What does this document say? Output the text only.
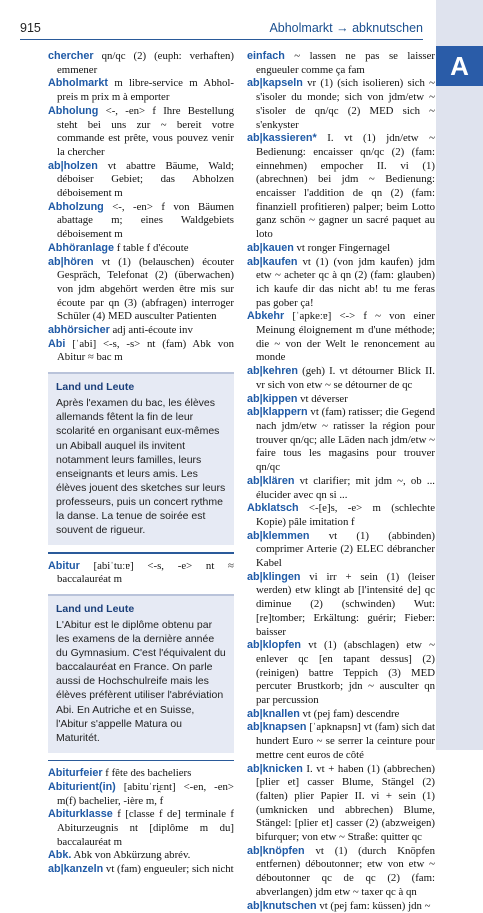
A
915	Abholmarkt → abknutschen
chercher qn/qc (2) (euph: verhaften) emmener
Abholmarkt m libre-service m Abhol-preis m prix m à emporter
Abholung <-, -en> f Ihre Bestellung steht bei uns zur ~ bereit votre commande est prête, vous pouvez venir la chercher
ab|holzen vt abattre Bäume, Wald; déboiser Gebiet; das Abholzen déboisement m
Abholzung <-, -en> f von Bäumen abattage m; eines Waldgebiets déboisement m
Abhöranlage f table f d'écoute
ab|hören vt (1) (belauschen) écouter Gespräch, Telefonat (2) (überwachen) von jdm abgehört werden être mis sur écoute par qn (3) (abfragen) interroger Schüler (4) MED ausculter Patienten
abhörsicher adj anti-écoute inv
Abi [ˈabi] <-s, -s> nt (fam) Abk von Abitur ≈ bac m
Land und Leute
Après l'examen du bac, les élèves allemands fêtent la fin de leur scolarité en organisant eux-mêmes un Abiball auquel ils invitent notamment leurs familles, leurs enseignants et leurs amis. Les élèves jouent des sketches sur leurs professeurs, puis un concert rythme la danse. La tenue de soirée est souvent de rigueur.
Abitur [abiˈtuːɐ] <-s, -e> nt ≈ baccalauréat m
Land und Leute
L'Abitur est le diplôme obtenu par les examens de la dernière année du Gymnasium. C'est l'équivalent du baccalauréat en France. On parle aussi de Hochschulreife mais les élèves préfèrent utiliser l'abréviation Abi. En Autriche et en Suisse, l'Abitur s'appelle Matura ou Maturitét.
Abiturfeier f fête des bacheliers
Abiturient(in) [abituˈri̯ɛnt] <-en, -en> m(f) bachelier, -ière m, f
Abiturklasse f [classe f de] terminale f Abiturzeugnis nt [diplôme m du] baccalauréat m
Abk. Abk von Abkürzung abrév.
ab|kanzeln vt (fam) engueuler; sich nicht
einfach ~ lassen ne pas se laisser engueuler comme ça fam
ab|kapseln vr (1) (sich isolieren) sich ~ s'isoler du monde; sich von jdm/etw ~ s'isoler de qn/qc (2) MED sich ~ s'enkyster
ab|kassieren* I. vt (1) jdn/etw ~ Bedienung: encaisser qn/qc (2) (fam: einnehmen) empocher II. vi (1) (abrechnen) bei jdm ~ Bedienung: encaisser l'addition de qn (2) (fam: finanziell profitieren) palper; beim Lotto ganz schön ~ gagner un sacré paquet au loto
ab|kauen vt ronger Fingernagel
ab|kaufen vt (1) (von jdm kaufen) jdm etw ~ acheter qc à qn (2) (fam: glauben) ich kaufe dir das nicht ab! tu me feras pas gober ça!
Abkehr [ˈapkeːɐ] <-> f ~ von einer Meinung éloignement m d'une méthode; die ~ von der Welt le renoncement au monde
ab|kehren (geh) I. vt détourner Blick II. vr sich von etw ~ se détourner de qc
ab|kippen vt déverser
ab|klappern vt (fam) ratisser; die Gegend nach jdm/etw ~ ratisser la région pour trouver qn/qc; alle Läden nach jdm/etw ~ faire tous les magasins pour trouver qn/qc
ab|klären vt clarifier; mit jdm ~, ob ... élucider avec qn si ...
Abklatsch <-[e]s, -e> m (schlechte Kopie) pâle imitation f
ab|klemmen vt (1) (abbinden) comprimer Arterie (2) ELEC débrancher Kabel
ab|klingen vi irr + sein (1) (leiser werden) etw klingt ab [l'intensité de] qc diminue (2) (schwinden) Wut: [re]tomber; Erkältung: guérir; Fieber: baisser
ab|klopfen vt (1) (abschlagen) etw ~ enlever qc [en tapant dessus] (2) (reinigen) battre Teppich (3) MED percuter Brustkorb; jdn ~ ausculter qn par percussion
ab|knallen vt (pej fam) descendre
ab|knapsen [ˈapknapsn] vt (fam) sich dat hundert Euro ~ se serrer la ceinture pour mettre cent euros de côté
ab|knicken I. vt + haben (1) (abbrechen) [plier et] casser Blume, Stängel (2) (falten) plier Papier II. vi + sein (1) (umknicken und abbrechen) Blume, Stängel: [plier et] casser (2) (abzweigen) bifurquer; von etw ~ Straße: quitter qc
ab|knöpfen vt (1) (durch Knöpfen entfernen) déboutonner; etw von etw ~ déboutonner qc de qc (2) (fam: abverlangen) jdm etw ~ taxer qc à qn
ab|knutschen vt (pej fam: küssen) jdn ~
